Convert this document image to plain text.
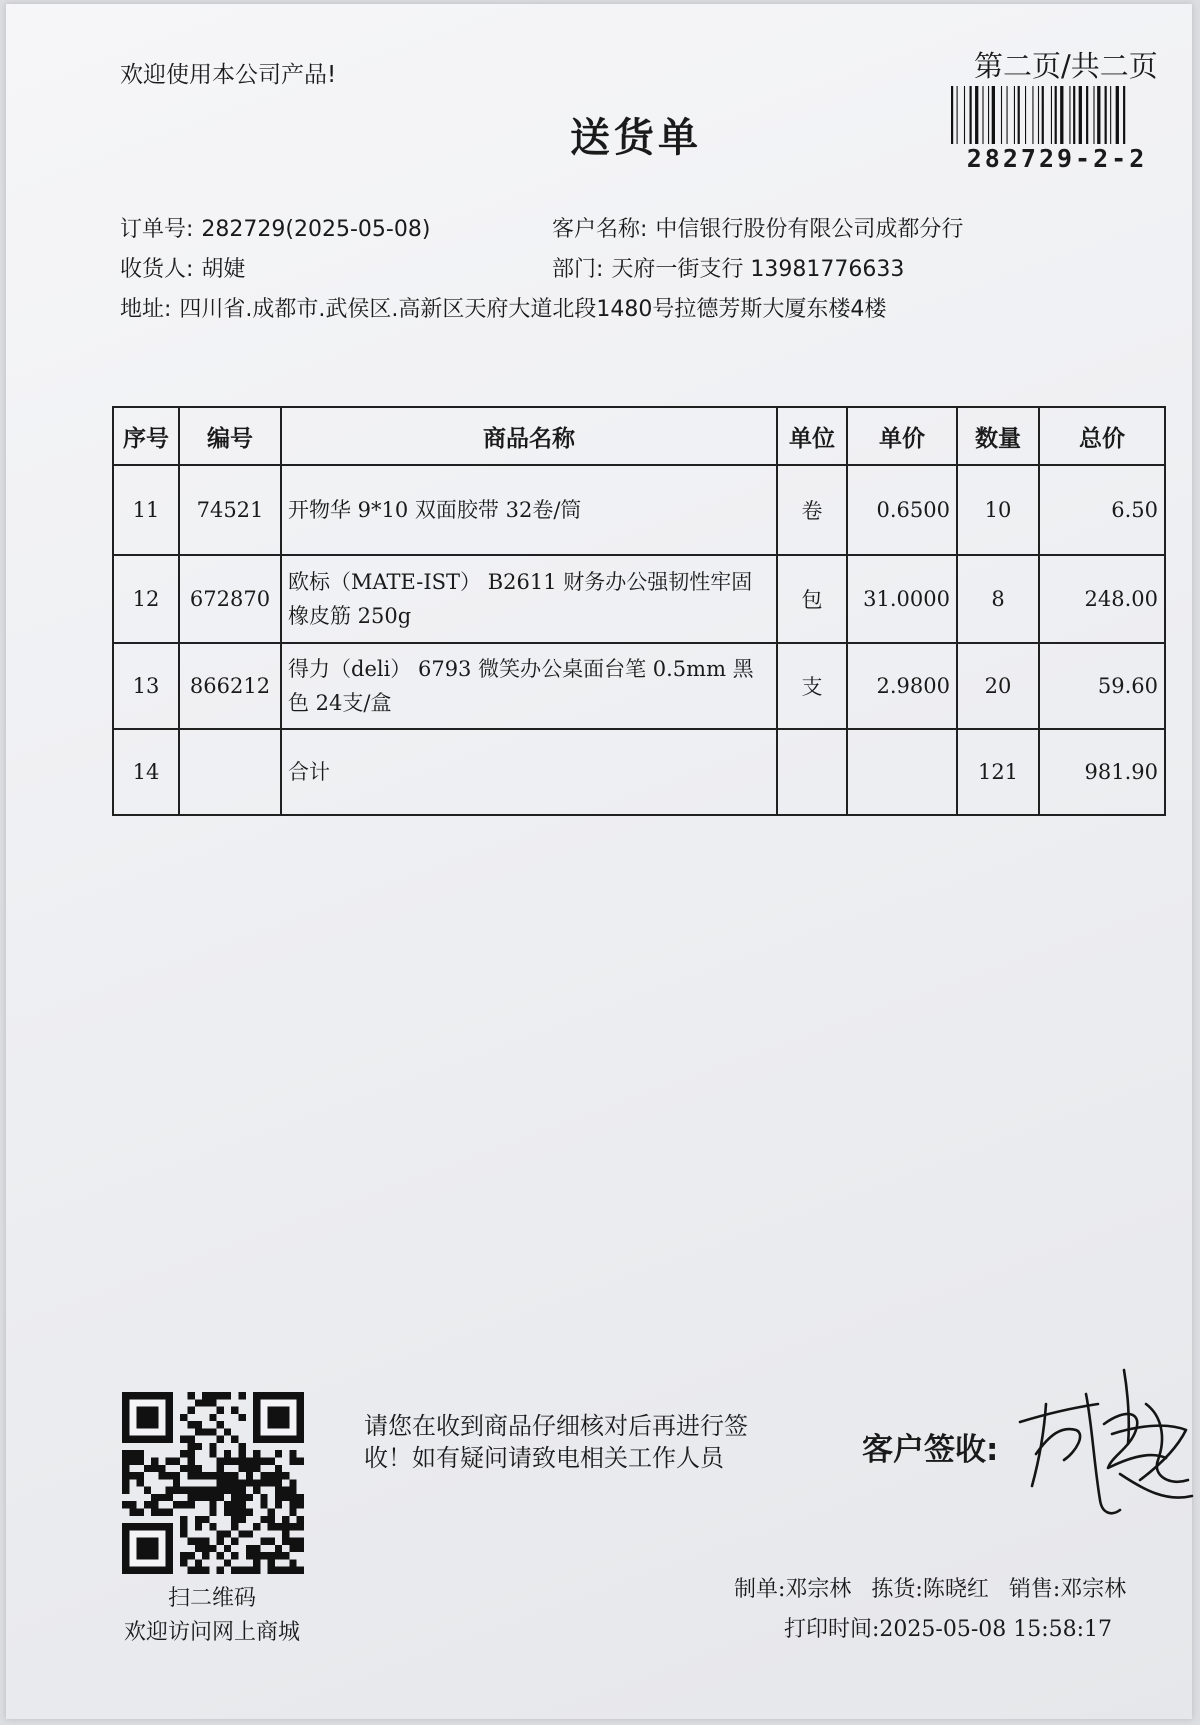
欢迎使用本公司产品!	第二页/共二页
282729-2-2
送货单
订单号: 282729(2025-05-08)	客户名称: 中信银行股份有限公司成都分行
收货人: 胡婕	部门: 天府一街支行 13981776633
地址: 四川省.成都市.武侯区.高新区天府大道北段1480号拉德芳斯大厦东楼4楼
序号	编号	商品名称	单位	单价	数量	总价
11	74521	开物华 9*10 双面胶带 32卷/筒	卷	0.6500	10	6.50
12	672870	欧标（MATE-IST） B2611 财务办公强韧性牢固橡皮筋 250g	包	31.0000	8	248.00
13	866212	得力（deli） 6793 微笑办公桌面台笔 0.5mm 黑色 24支/盒	支	2.9800	20	59.60
14		合计			121	981.90
扫二维码
欢迎访问网上商城
请您在收到商品仔细核对后再进行签收！如有疑问请致电相关工作人员	客户签收:
制单:邓宗林 拣货:陈晓红 销售:邓宗林
打印时间:2025-05-08 15:58:17
